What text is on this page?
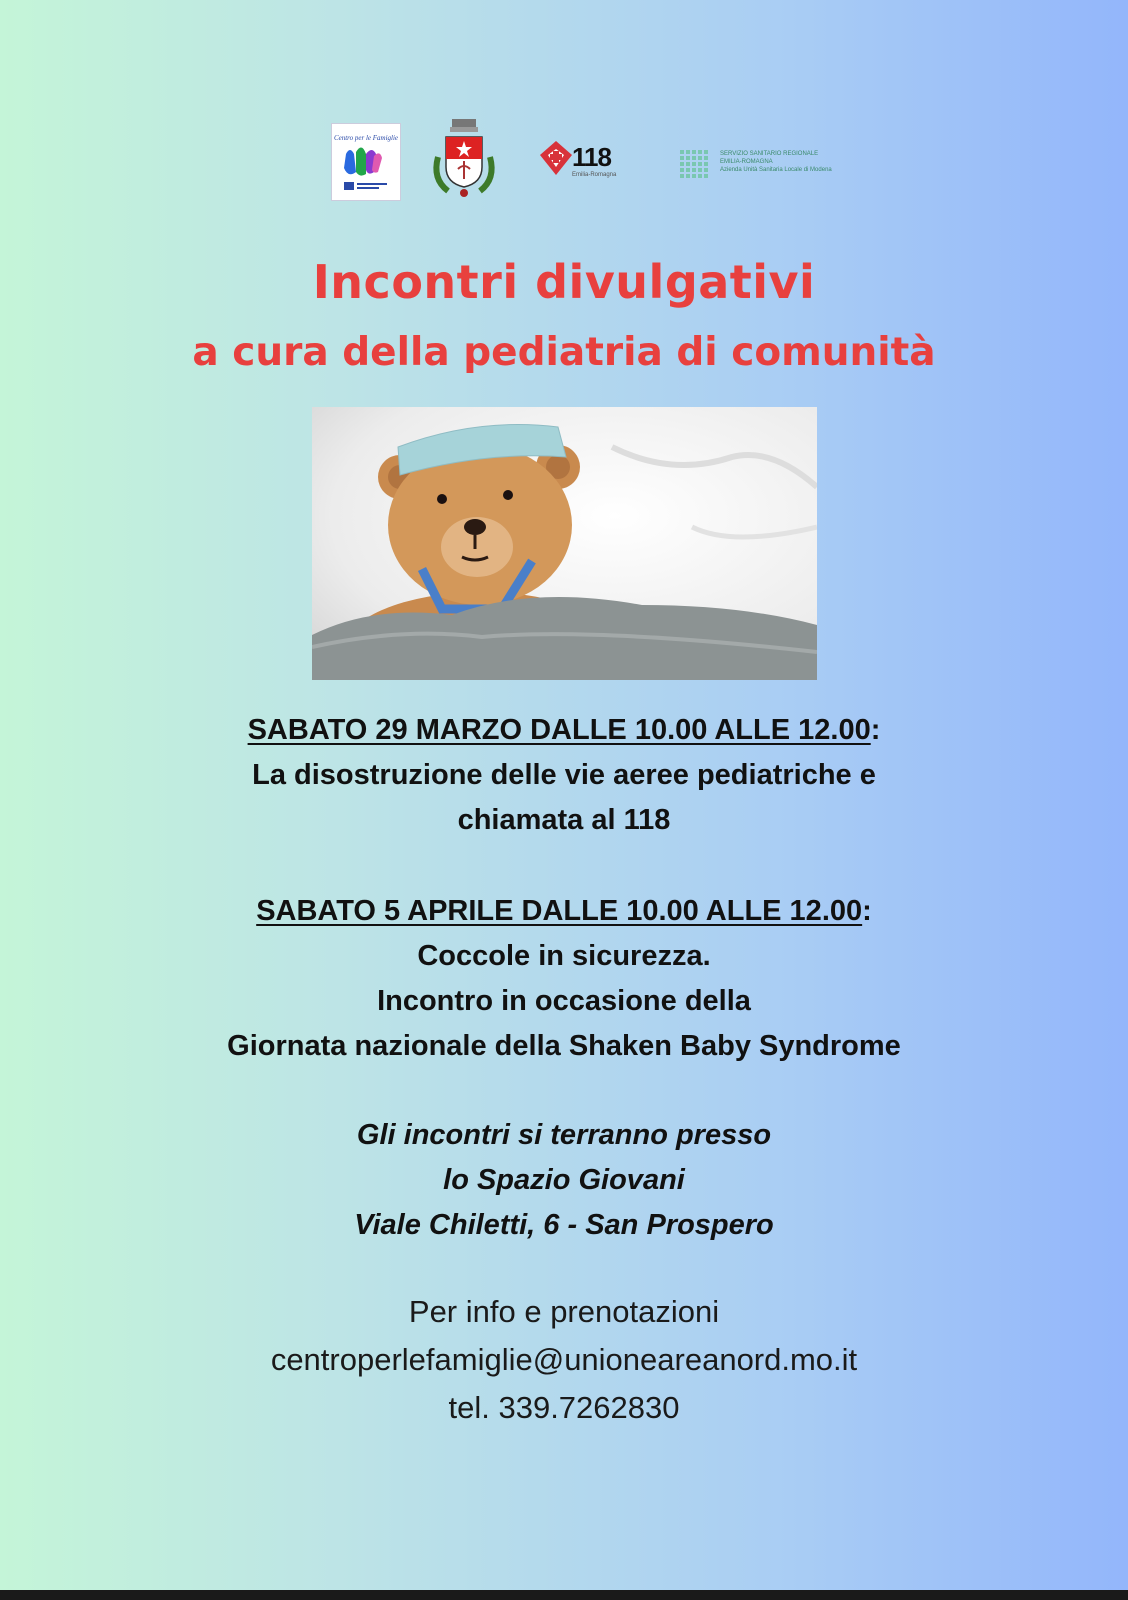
Centro per le Famiglie
118
Emilia-Romagna
SERVIZIO SANITARIO REGIONALE
EMILIA-ROMAGNA
Azienda Unità Sanitaria Locale di Modena
Incontri divulgativi
a cura della pediatria di comunità
SABATO 29 MARZO DALLE 10.00 ALLE 12.00:
La disostruzione delle vie aeree pediatriche e
chiamata al 118
SABATO 5 APRILE DALLE 10.00 ALLE 12.00:
Coccole in sicurezza.
Incontro in occasione della
Giornata nazionale della Shaken Baby Syndrome
Gli incontri si terranno presso
lo Spazio Giovani
Viale Chiletti, 6 - San Prospero
Per info e prenotazioni
centroperlefamiglie@unioneareanord.mo.it
tel. 339.7262830
